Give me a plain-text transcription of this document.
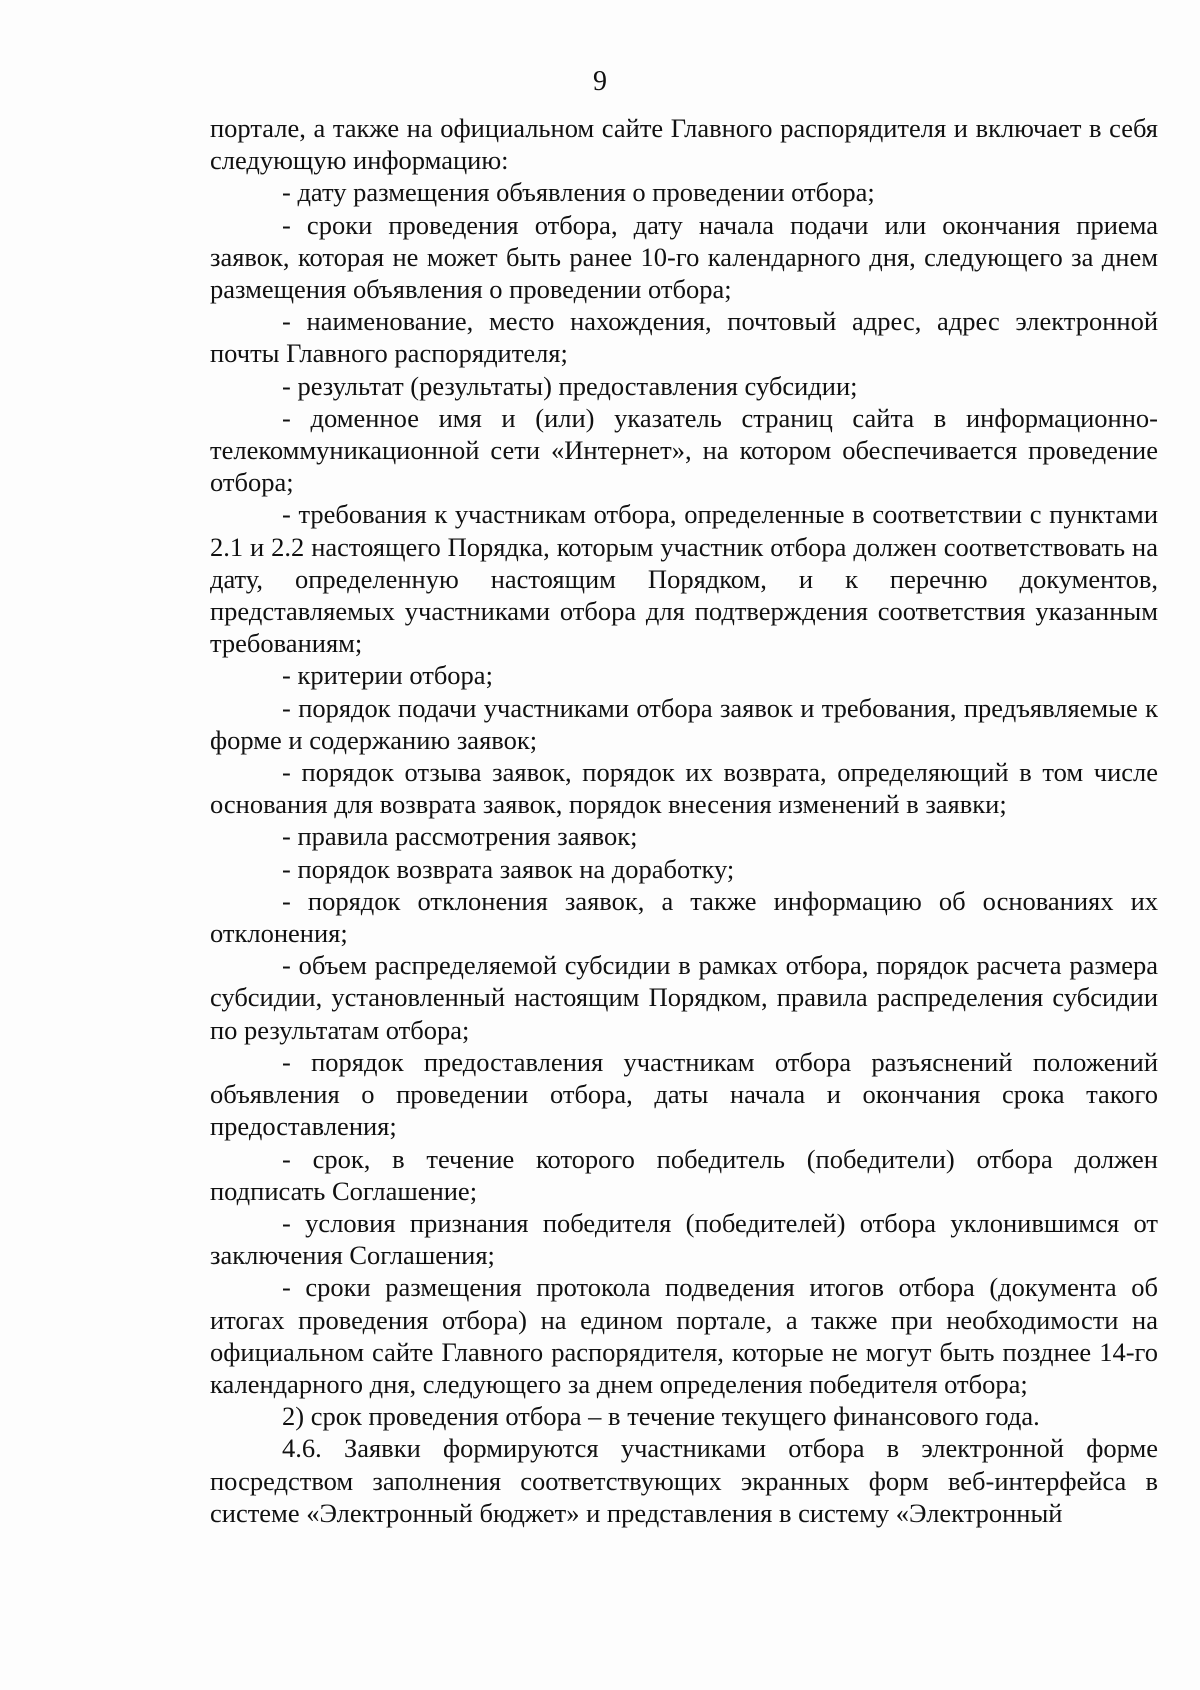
9

портале, а также на официальном сайте Главного распорядителя и включает в себя следующую информацию:

- дату размещения объявления о проведении отбора;

- сроки проведения отбора, дату начала подачи или окончания приема заявок, которая не может быть ранее 10-го календарного дня, следующего за днем размещения объявления о проведении отбора;

- наименование, место нахождения, почтовый адрес, адрес электронной почты Главного распорядителя;

- результат (результаты) предоставления субсидии;

- доменное имя и (или) указатель страниц сайта в информационно-телекоммуникационной сети «Интернет», на котором обеспечивается проведение отбора;

- требования к участникам отбора, определенные в соответствии с пунктами 2.1 и 2.2 настоящего Порядка, которым участник отбора должен соответствовать на дату, определенную настоящим Порядком, и к перечню документов, представляемых участниками отбора для подтверждения соответствия указанным требованиям;

- критерии отбора;

- порядок подачи участниками отбора заявок и требования, предъявляемые к форме и содержанию заявок;

- порядок отзыва заявок, порядок их возврата, определяющий в том числе основания для возврата заявок, порядок внесения изменений в заявки;

- правила рассмотрения заявок;

- порядок возврата заявок на доработку;

- порядок отклонения заявок, а также информацию об основаниях их отклонения;

- объем распределяемой субсидии в рамках отбора, порядок расчета размера субсидии, установленный настоящим Порядком, правила распределения субсидии по результатам отбора;

- порядок предоставления участникам отбора разъяснений положений объявления о проведении отбора, даты начала и окончания срока такого предоставления;

- срок, в течение которого победитель (победители) отбора должен подписать Соглашение;

- условия признания победителя (победителей) отбора уклонившимся от заключения Соглашения;

- сроки размещения протокола подведения итогов отбора (документа об итогах проведения отбора) на едином портале, а также при необходимости на официальном сайте Главного распорядителя, которые не могут быть позднее 14-го календарного дня, следующего за днем определения победителя отбора;

2) срок проведения отбора – в течение текущего финансового года.

4.6. Заявки формируются участниками отбора в электронной форме посредством заполнения соответствующих экранных форм веб-интерфейса в системе «Электронный бюджет» и представления в систему «Электронный
